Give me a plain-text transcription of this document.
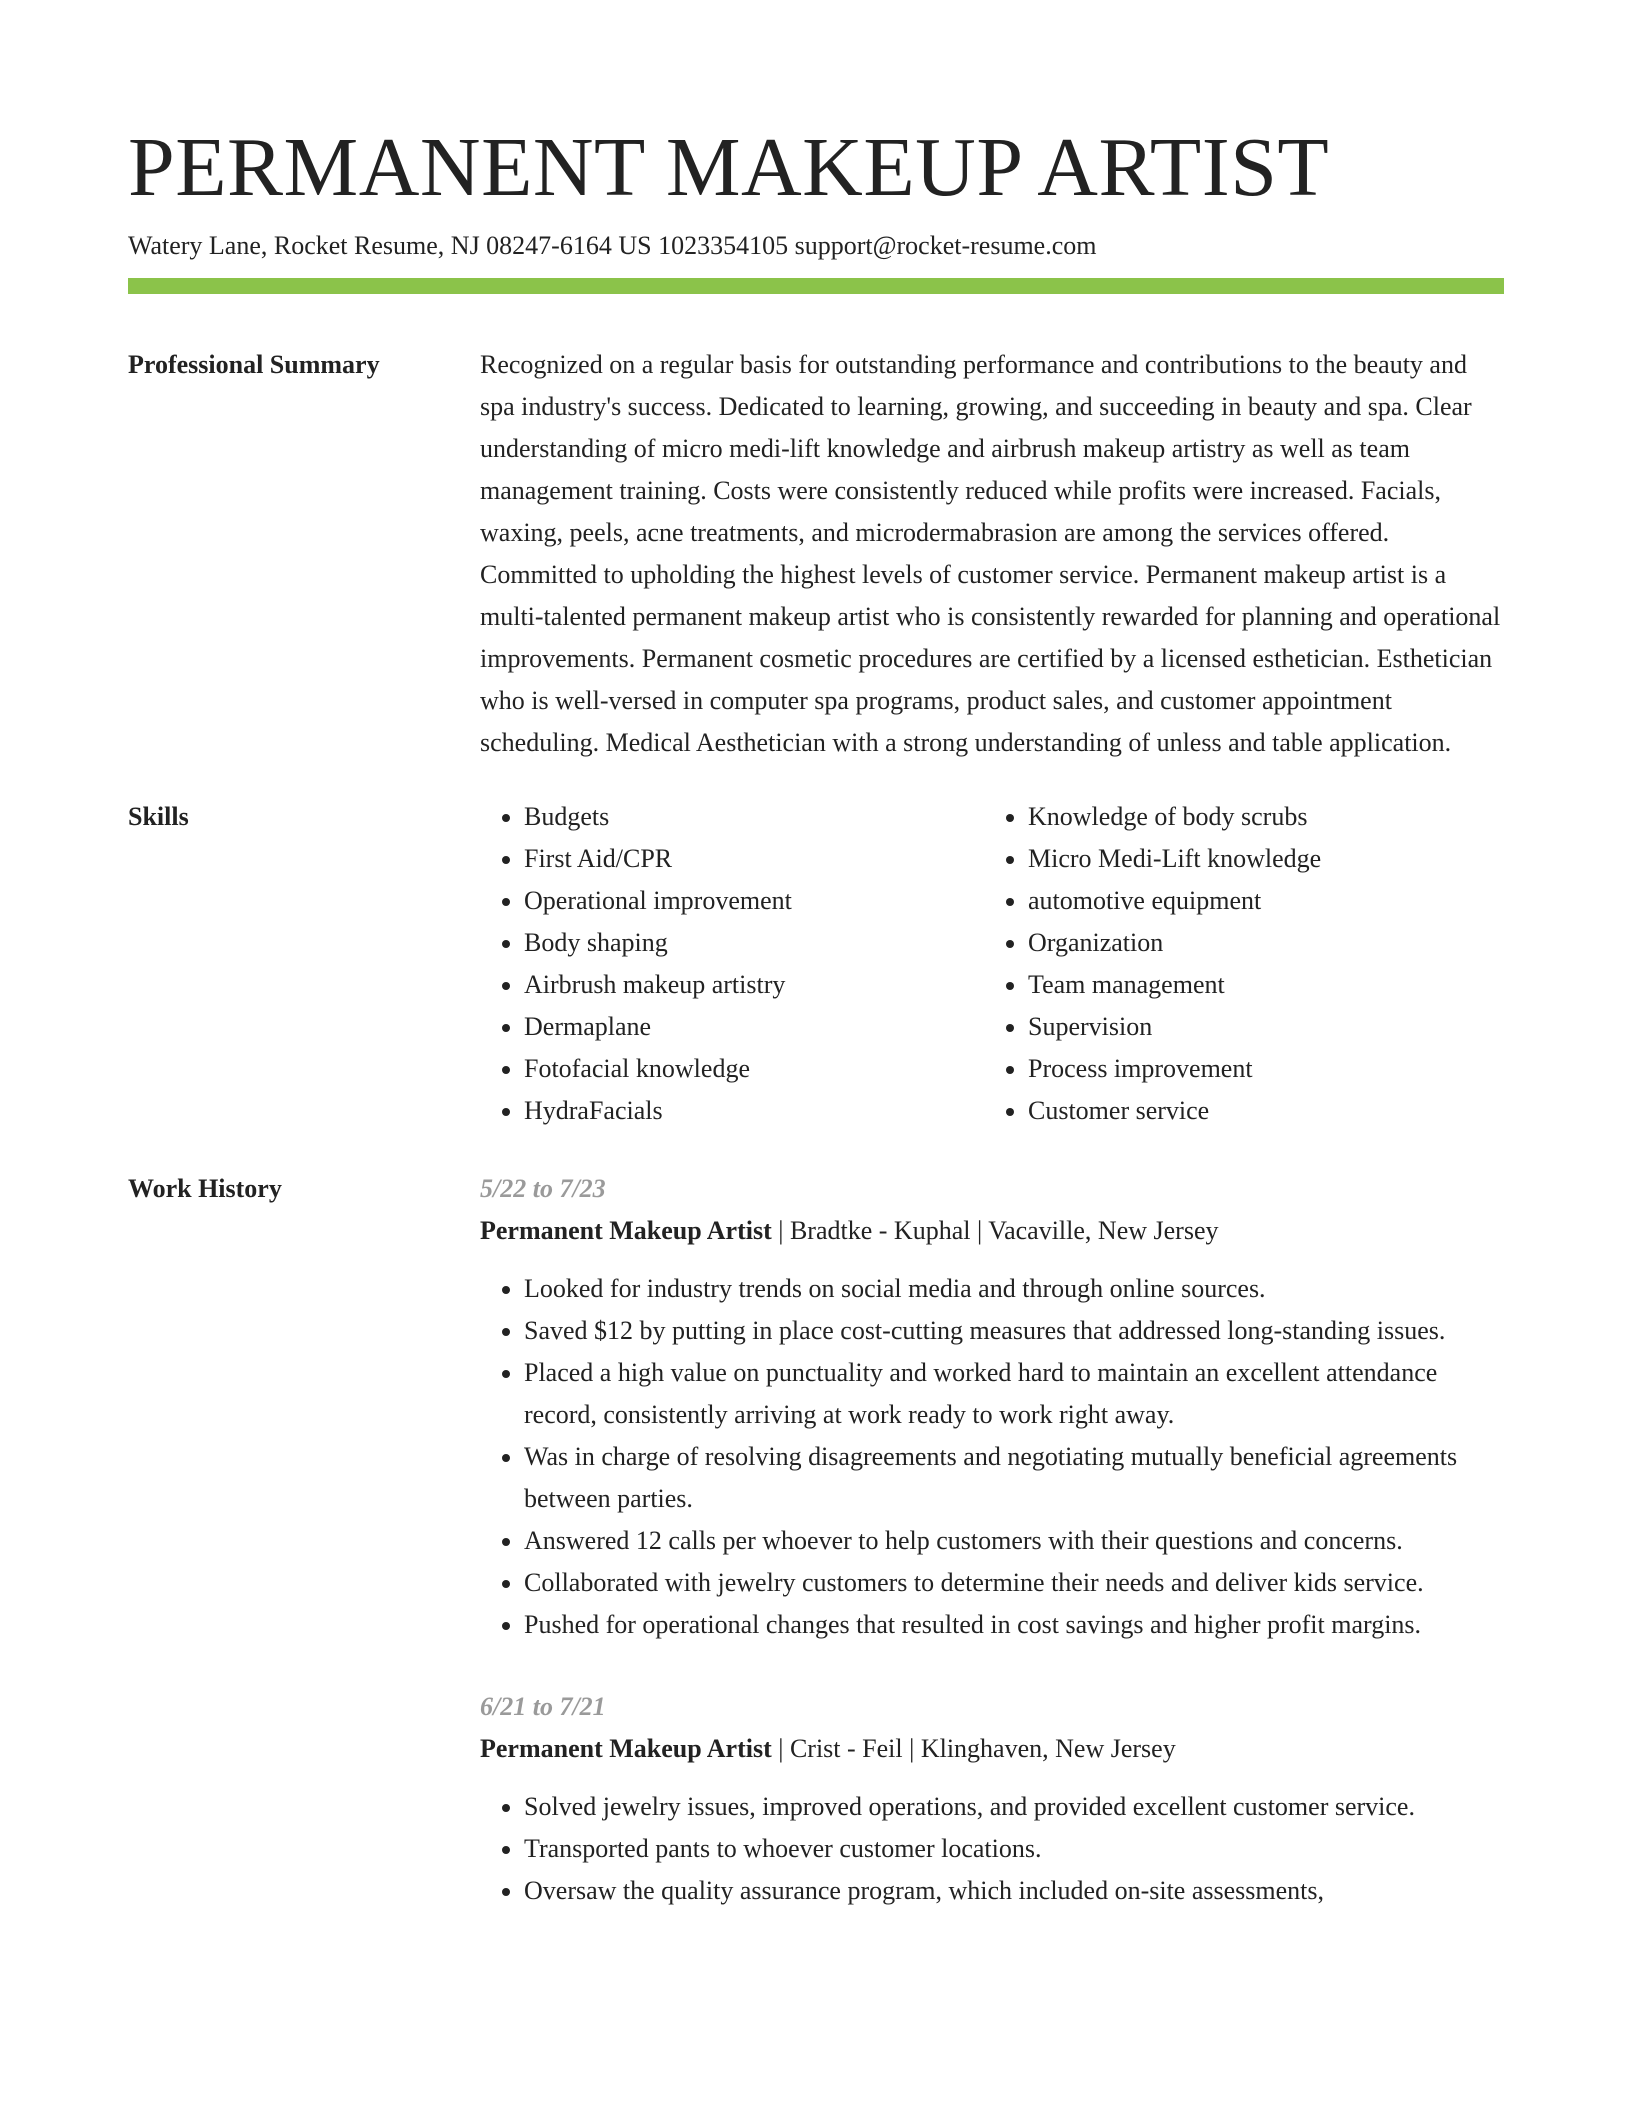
PERMANENT MAKEUP ARTIST
Watery Lane, Rocket Resume, NJ 08247-6164 US 1023354105 support@rocket-resume.com
Professional Summary	Recognized on a regular basis for outstanding performance and contributions to the beauty and spa industry's success. Dedicated to learning, growing, and succeeding in beauty and spa. Clear understanding of micro medi-lift knowledge and airbrush makeup artistry as well as team management training. Costs were consistently reduced while profits were increased. Facials, waxing, peels, acne treatments, and microdermabrasion are among the services offered. Committed to upholding the highest levels of customer service. Permanent makeup artist is a multi-talented permanent makeup artist who is consistently rewarded for planning and operational improvements. Permanent cosmetic procedures are certified by a licensed esthetician. Esthetician who is well-versed in computer spa programs, product sales, and customer appointment scheduling. Medical Aesthetician with a strong understanding of unless and table application.

Skills
•	Budgets
• First Aid/CPR
• Operational improvement
• Body shaping
• Airbrush makeup artistry
• Dermaplane
• Fotofacial knowledge
• HydraFacials
• Knowledge of body scrubs
• Micro Medi-Lift knowledge
• automotive equipment
• Organization
• Team management
• Supervision
• Process improvement
• Customer service
Work History	5/22 to 7/23
Permanent Makeup Artist | Bradtke - Kuphal | Vacaville, New Jersey
• Looked for industry trends on social media and through online sources.
• Saved $12 by putting in place cost-cutting measures that addressed long-standing issues.
• Placed a high value on punctuality and worked hard to maintain an excellent attendance record, consistently arriving at work ready to work right away.
• Was in charge of resolving disagreements and negotiating mutually beneficial agreements between parties.
• Answered 12 calls per whoever to help customers with their questions and concerns.
• Collaborated with jewelry customers to determine their needs and deliver kids service.
• Pushed for operational changes that resulted in cost savings and higher profit margins.
6/21 to 7/21
Permanent Makeup Artist | Crist - Feil | Klinghaven, New Jersey
• Solved jewelry issues, improved operations, and provided excellent customer service.
• Transported pants to whoever customer locations.
• Oversaw the quality assurance program, which included on-site assessments,
